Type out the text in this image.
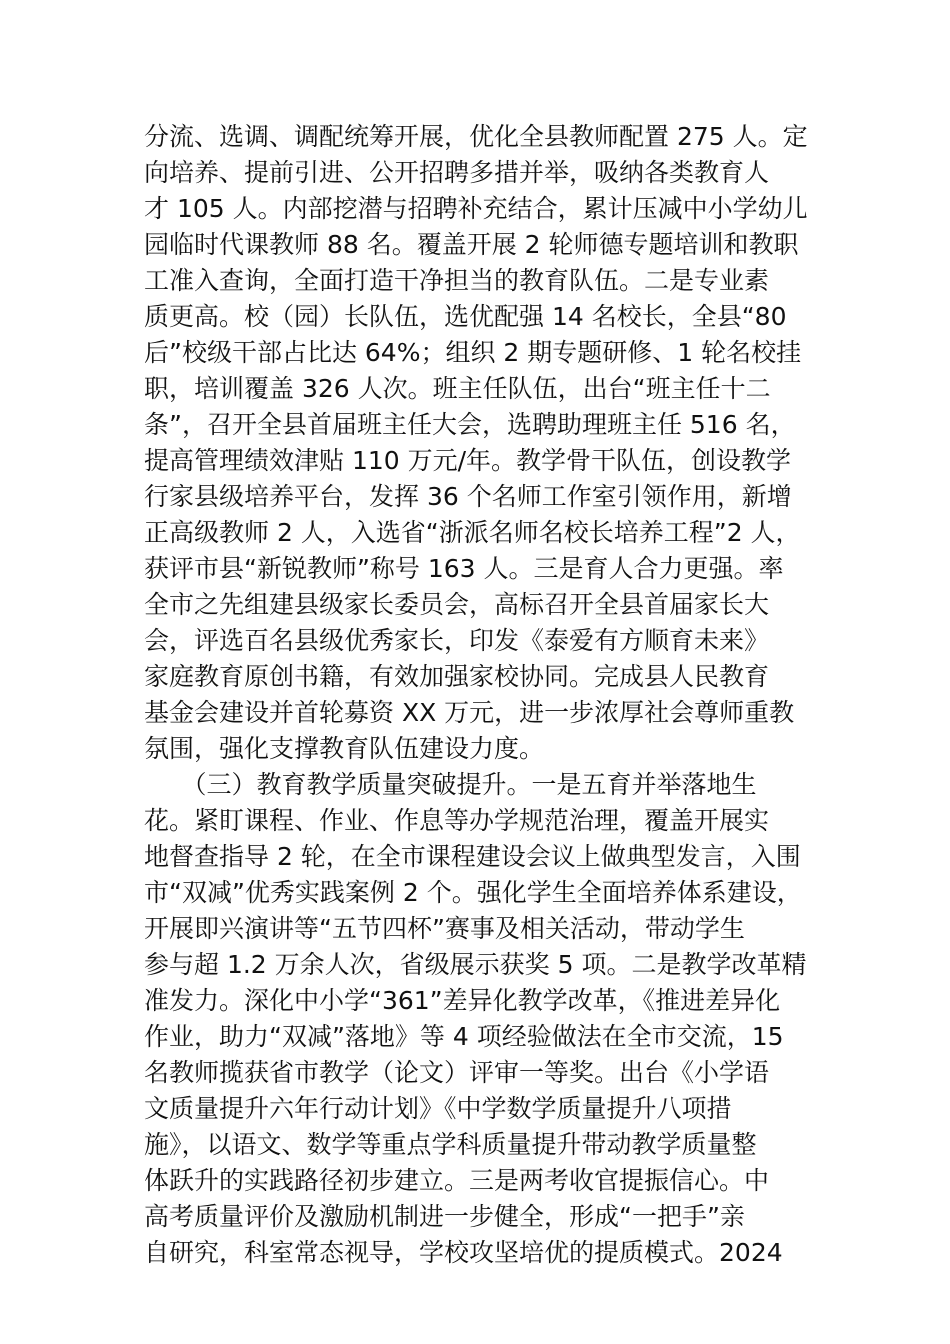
分流、选调、调配统筹开展，优化全县教师配置 275 人。定
向培养、提前引进、公开招聘多措并举，吸纳各类教育人
才 105 人。内部挖潜与招聘补充结合，累计压减中小学幼儿
园临时代课教师 88 名。覆盖开展 2 轮师德专题培训和教职
工准入查询，全面打造干净担当的教育队伍。二是专业素
质更高。校（园）长队伍，选优配强 14 名校长，全县“80
后”校级干部占比达 64%；组织 2 期专题研修、1 轮名校挂
职，培训覆盖 326 人次。班主任队伍，出台“班主任十二
条”，召开全县首届班主任大会，选聘助理班主任 516 名，
提高管理绩效津贴 110 万元/年。教学骨干队伍，创设教学
行家县级培养平台，发挥 36 个名师工作室引领作用，新增
正高级教师 2 人，入选省“浙派名师名校长培养工程”2 人，
获评市县“新锐教师”称号 163 人。三是育人合力更强。率
全市之先组建县级家长委员会，高标召开全县首届家长大
会，评选百名县级优秀家长，印发《泰爱有方顺育未来》
家庭教育原创书籍，有效加强家校协同。完成县人民教育
基金会建设并首轮募资 XX 万元，进一步浓厚社会尊师重教
氛围，强化支撑教育队伍建设力度。
　　（三）教育教学质量突破提升。一是五育并举落地生
花。紧盯课程、作业、作息等办学规范治理，覆盖开展实
地督查指导 2 轮，在全市课程建设会议上做典型发言，入围
市“双减”优秀实践案例 2 个。强化学生全面培养体系建设，
开展即兴演讲等“五节四杯”赛事及相关活动，带动学生
参与超 1.2 万余人次，省级展示获奖 5 项。二是教学改革精
准发力。深化中小学“361”差异化教学改革，《推进差异化
作业，助力“双减”落地》等 4 项经验做法在全市交流，15
名教师揽获省市教学（论文）评审一等奖。出台《小学语
文质量提升六年行动计划》《中学数学质量提升八项措
施》，以语文、数学等重点学科质量提升带动教学质量整
体跃升的实践路径初步建立。三是两考收官提振信心。中
高考质量评价及激励机制进一步健全，形成“一把手”亲
自研究，科室常态视导，学校攻坚培优的提质模式。2024
